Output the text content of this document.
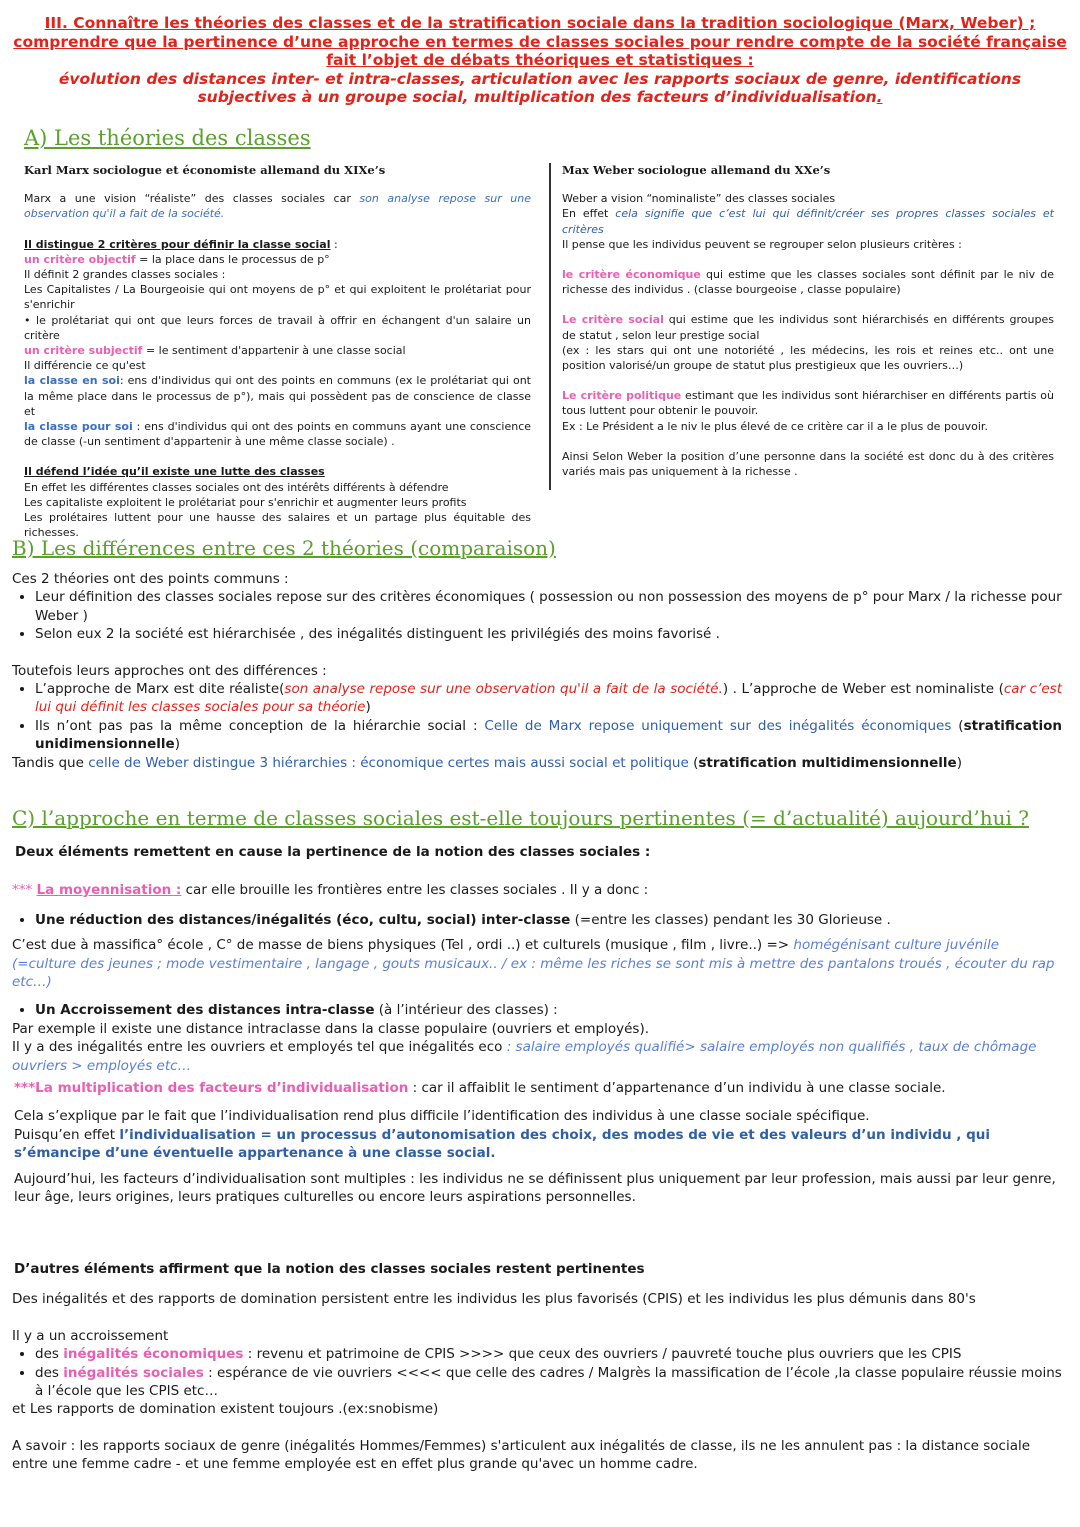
III. Connaître les théories des classes et de la stratification sociale dans la tradition sociologique (Marx, Weber) ; comprendre que la pertinence d’une approche en termes de classes sociales pour rendre compte de la société française fait l’objet de débats théoriques et statistiques :
évolution des distances inter- et intra-classes, articulation avec les rapports sociaux de genre, identifications subjectives à un groupe social, multiplication des facteurs d’individualisation.
A) Les théories des classes

Karl Marx sociologue et économiste allemand du XIXe’s

Marx a une vision “réaliste” des classes sociales car son analyse repose sur une observation qu'il a fait de la société.

Il distingue 2 critères pour définir la classe social :

un critère objectif = la place dans le processus de p°

Il définit 2 grandes classes sociales :

Les Capitalistes / La Bourgeoisie qui ont moyens de p° et qui exploitent le prolétariat pour s'enrichir

• le prolétariat qui ont que leurs forces de travail à offrir en échangent d'un salaire un critère

un critère subjectif = le sentiment d'appartenir à une classe social

Il différencie ce qu'est

la classe en soi: ens d'individus qui ont des points en communs (ex le prolétariat qui ont la même place dans le processus de p°), mais qui possèdent pas de conscience de classe et

la classe pour soi : ens d'individus qui ont des points en communs ayant une conscience de classe (-un sentiment d'appartenir à une même classe sociale) .

Il défend l’idée qu’il existe une lutte des classes

En effet les différentes classes sociales ont des intérêts différents à défendre

Les capitaliste exploitent le prolétariat pour s'enrichir et augmenter leurs profits

Les prolétaires luttent pour une hausse des salaires et un partage plus équitable des richesses.

Max Weber sociologue allemand du XXe’s

Weber a vision “nominaliste” des classes sociales

En effet cela signifie que c’est lui qui définit/créer ses propres classes sociales et critères

Il pense que les individus peuvent se regrouper selon plusieurs critères :

le critère économique qui estime que les classes sociales sont définit par le niv de richesse des individus . (classe bourgeoise , classe populaire)

Le critère social qui estime que les individus sont hiérarchisés en différents groupes de statut , selon leur prestige social

(ex : les stars qui ont une notoriété , les médecins, les rois et reines etc.. ont une position valorisé/un groupe de statut plus prestigieux que les ouvriers…)

Le critère politique estimant que les individus sont hiérarchiser en différents partis où tous luttent pour obtenir le pouvoir.

Ex : Le Président a le niv le plus élevé de ce critère car il a le plus de pouvoir.

Ainsi Selon Weber la position d’une personne dans la société est donc du à des critères variés mais pas uniquement à la richesse .

B) Les différences entre ces 2 théories (comparaison)

Ces 2 théories ont des points communs :

• Leur définition des classes sociales repose sur des critères économiques ( possession ou non possession des moyens de p° pour Marx / la richesse pour Weber )
• Selon eux 2 la société est hiérarchisée , des inégalités distinguent les privilégiés des moins favorisé .

Toutefois leurs approches ont des différences :

• L’approche de Marx est dite réaliste(son analyse repose sur une observation qu'il a fait de la société.) . L’approche de Weber est nominaliste (car c’est lui qui définit les classes sociales pour sa théorie)
• Ils n’ont pas pas la même conception de la hiérarchie social : Celle de Marx repose uniquement sur des inégalités économiques (stratification unidimensionnelle)

Tandis que celle de Weber distingue 3 hiérarchies : économique certes mais aussi social et politique (stratification multidimensionnelle)

C) l’approche en terme de classes sociales est-elle toujours pertinentes (= d’actualité) aujourd’hui ?

Deux éléments remettent en cause la pertinence de la notion des classes sociales :

*** La moyennisation : car elle brouille les frontières entre les classes sociales . Il y a donc :

• Une réduction des distances/inégalités (éco, cultu, social) inter-classe (=entre les classes) pendant les 30 Glorieuse .

C’est due à massifica° école , C° de masse de biens physiques (Tel , ordi ..) et culturels (musique , film , livre..) => homégénisant culture juvénile (=culture des jeunes ; mode vestimentaire , langage , gouts musicaux.. / ex : même les riches se sont mis à mettre des pantalons troués , écouter du rap etc…)

• Un Accroissement des distances intra-classe (à l’intérieur des classes) :

Par exemple il existe une distance intraclasse dans la classe populaire (ouvriers et employés).

Il y a des inégalités entre les ouvriers et employés tel que inégalités eco : salaire employés qualifié> salaire employés non qualifiés , taux de chômage ouvriers > employés etc…

***La multiplication des facteurs d’individualisation : car il affaiblit le sentiment d’appartenance d’un individu à une classe sociale.

Cela s’explique par le fait que l’individualisation rend plus difficile l’identification des individus à une classe sociale spécifique.

Puisqu’en effet l’individualisation = un processus d’autonomisation des choix, des modes de vie et des valeurs d’un individu , qui s’émancipe d’une éventuelle appartenance à une classe social.

Aujourd’hui, les facteurs d’individualisation sont multiples : les individus ne se définissent plus uniquement par leur profession, mais aussi par leur genre, leur âge, leurs origines, leurs pratiques culturelles ou encore leurs aspirations personnelles.

D’autres éléments affirment que la notion des classes sociales restent pertinentes

Des inégalités et des rapports de domination persistent entre les individus les plus favorisés (CPIS) et les individus les plus démunis dans 80's

Il y a un accroissement

• des inégalités économiques : revenu et patrimoine de CPIS >>>> que ceux des ouvriers / pauvreté touche plus ouvriers que les CPIS
• des inégalités sociales : espérance de vie ouvriers <<<< que celle des cadres / Malgrès la massification de l’école ,la classe populaire réussie moins à l’école que les CPIS etc…

et Les rapports de domination existent toujours .(ex:snobisme)

A savoir : les rapports sociaux de genre (inégalités Hommes/Femmes) s'articulent aux inégalités de classe, ils ne les annulent pas : la distance sociale entre une femme cadre - et une femme employée est en effet plus grande qu'avec un homme cadre.
